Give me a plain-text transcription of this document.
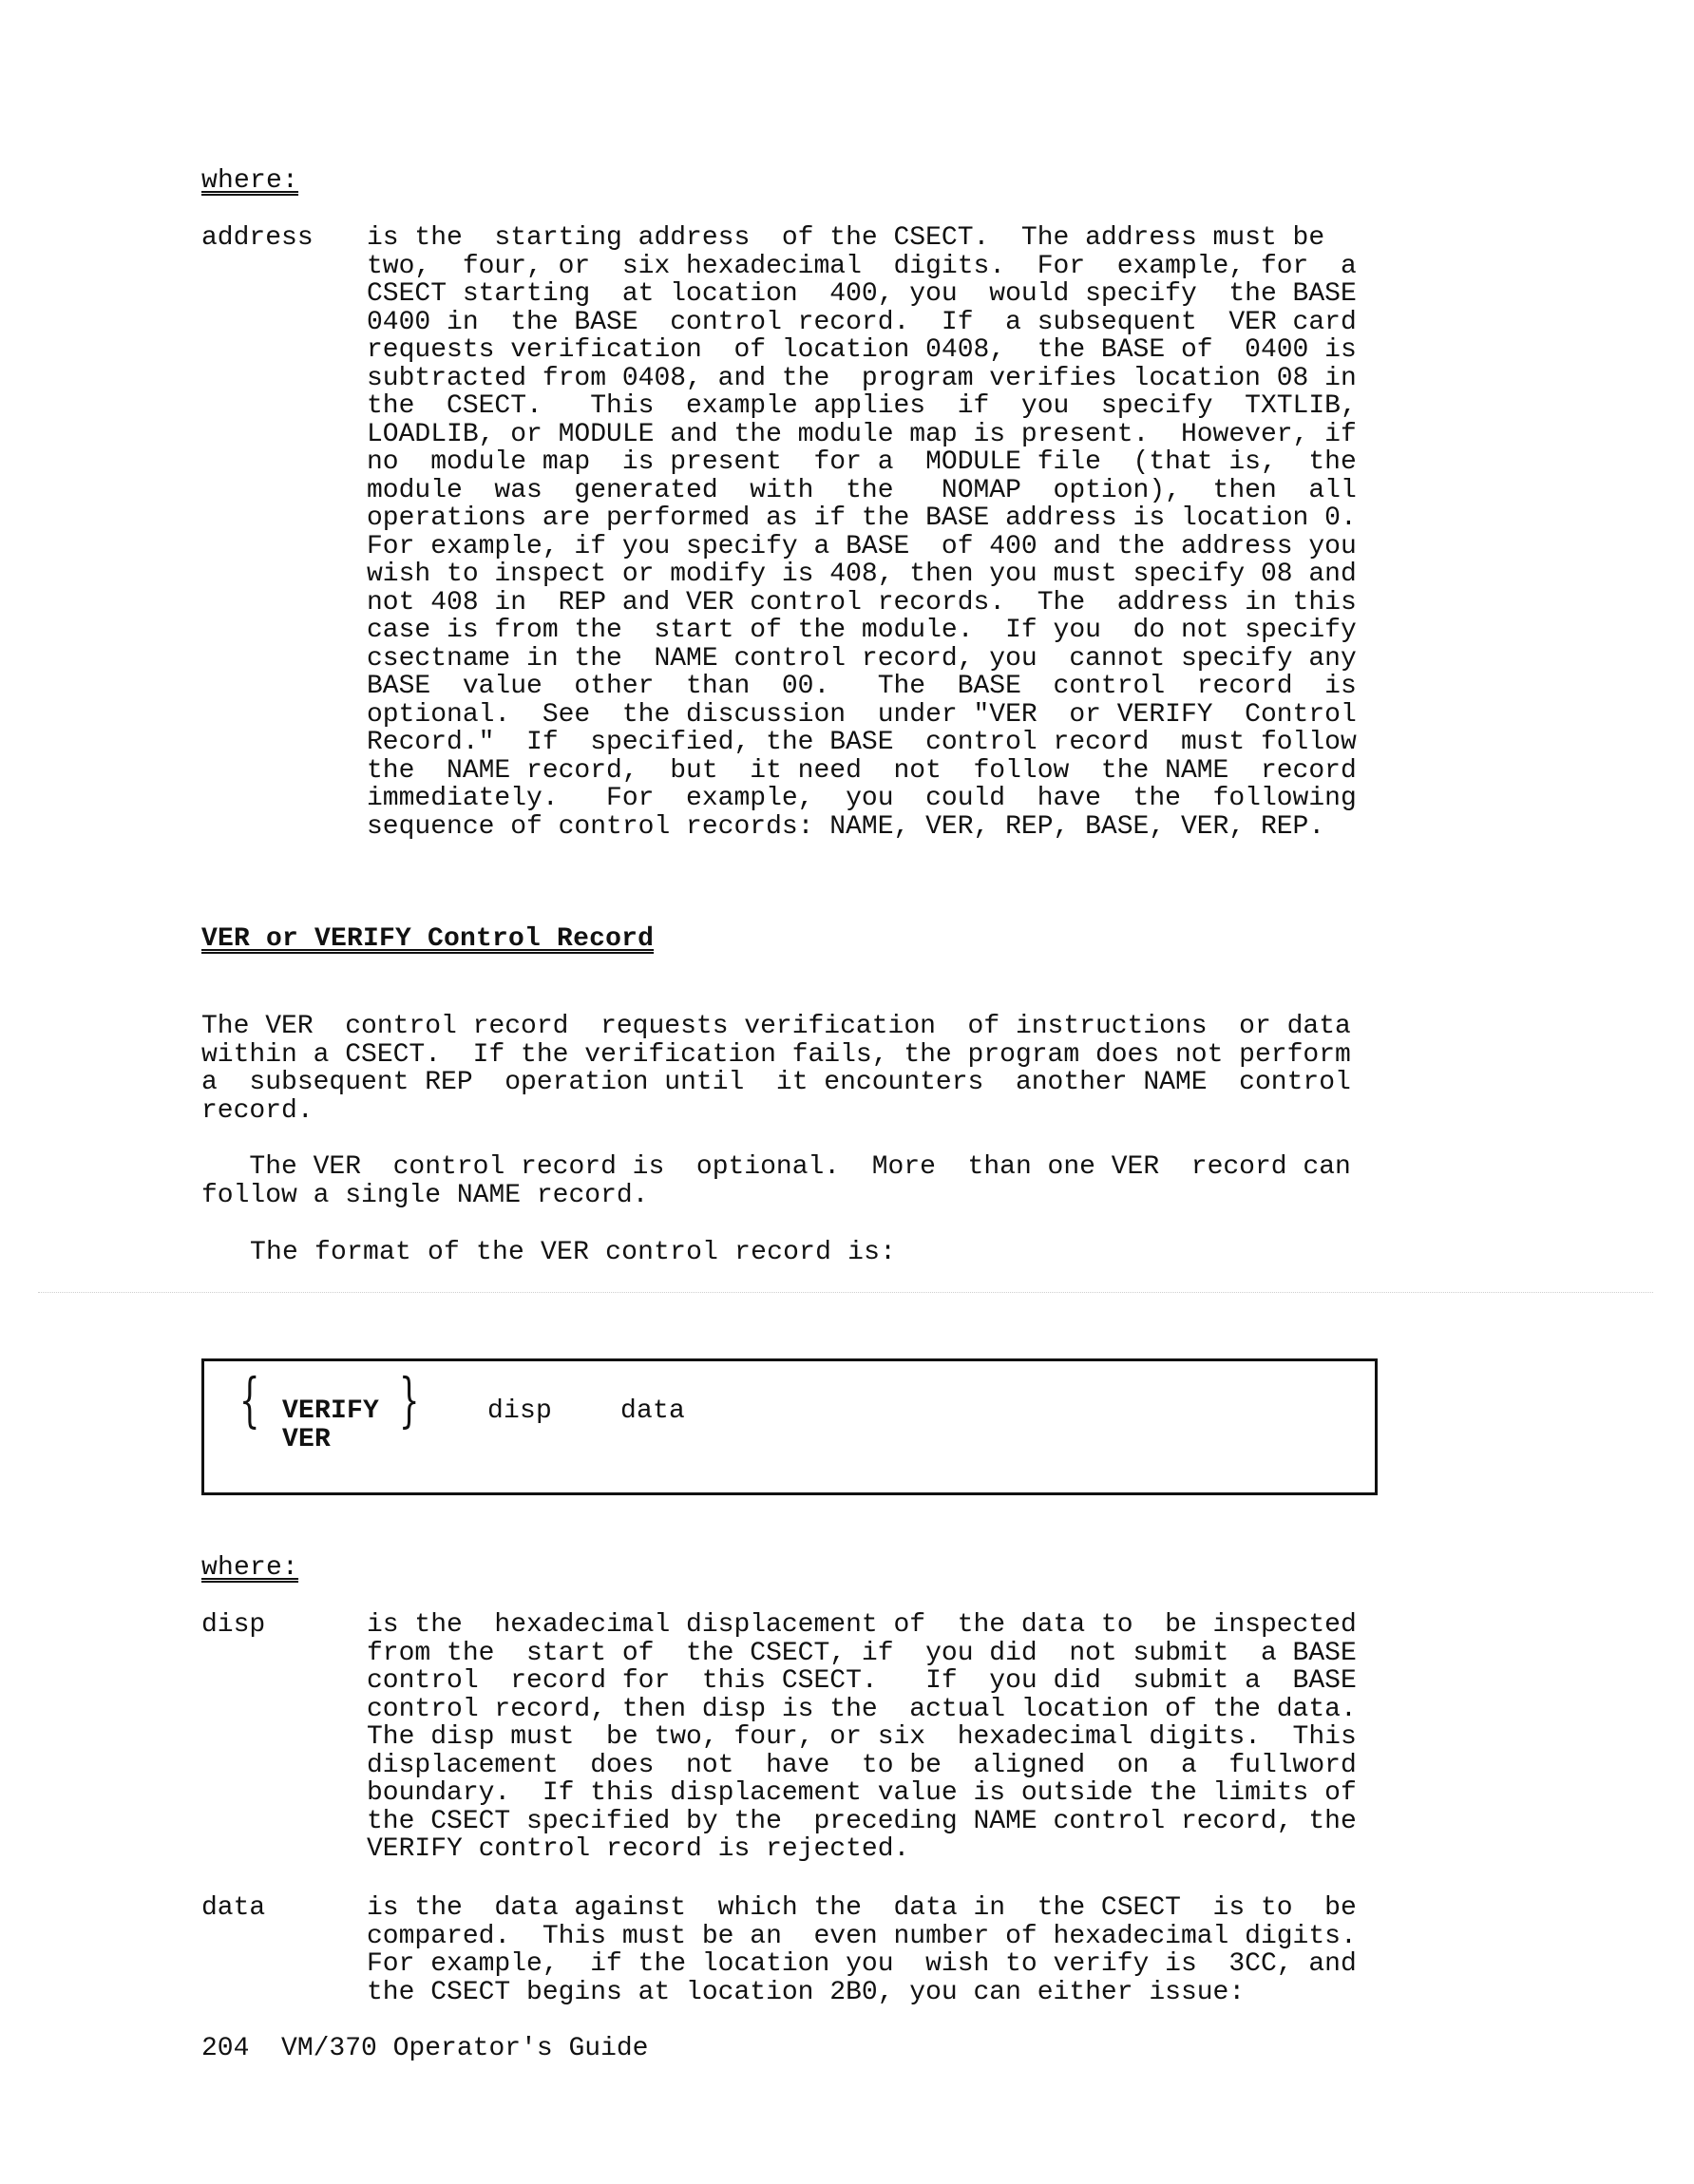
where:
address is the  starting address  of the CSECT.  The address must be
two,  four, or  six hexadecimal  digits.  For  example, for  a
CSECT starting  at location  400, you  would specify  the BASE
0400 in  the BASE  control record.  If  a subsequent  VER card
requests verification  of location 0408,  the BASE of  0400 is
subtracted from 0408, and the  program verifies location 08 in
the  CSECT.   This  example applies  if  you  specify  TXTLIB,
LOADLIB, or MODULE and the module map is present.  However, if
no  module map  is present  for a  MODULE file  (that is,  the
module  was  generated  with  the   NOMAP  option),  then  all
operations are performed as if the BASE address is location 0.
For example, if you specify a BASE  of 400 and the address you
wish to inspect or modify is 408, then you must specify 08 and
not 408 in  REP and VER control records.  The  address in this
case is from the  start of the module.  If you  do not specify
csectname in the  NAME control record, you  cannot specify any
BASE  value  other  than  00.   The  BASE  control  record  is
optional.  See  the discussion  under "VER  or VERIFY  Control
Record."  If  specified, the BASE  control record  must follow
the  NAME record,  but  it need  not  follow  the NAME  record
immediately.   For  example,  you  could  have  the  following
sequence of control records: NAME, VER, REP, BASE, VER, REP.
VER or VERIFY Control Record
The VER  control record  requests verification  of instructions  or data
within a CSECT.  If the verification fails, the program does not perform
a  subsequent REP  operation until  it encounters  another NAME  control
record.
The VER  control record is  optional.  More  than one VER  record can
follow a single NAME record.
The format of the VER control record is:
{ VERIFY
VER
}	disp	data
where:
disp	is the  hexadecimal displacement of  the data to  be inspected
from the  start of  the CSECT, if  you did  not submit  a BASE
control  record for  this CSECT.   If  you did  submit a  BASE
control record, then disp is the  actual location of the data.
The disp must  be two, four, or six  hexadecimal digits.  This
displacement  does  not  have  to be  aligned  on  a  fullword
boundary.  If this displacement value is outside the limits of
the CSECT specified by the  preceding NAME control record, the
VERIFY control record is rejected.
data	is the  data against  which the  data in  the CSECT  is to  be
compared.  This must be an  even number of hexadecimal digits.
For example,  if the location you  wish to verify is  3CC, and
the CSECT begins at location 2B0, you can either issue:
204  VM/370 Operator's Guide
